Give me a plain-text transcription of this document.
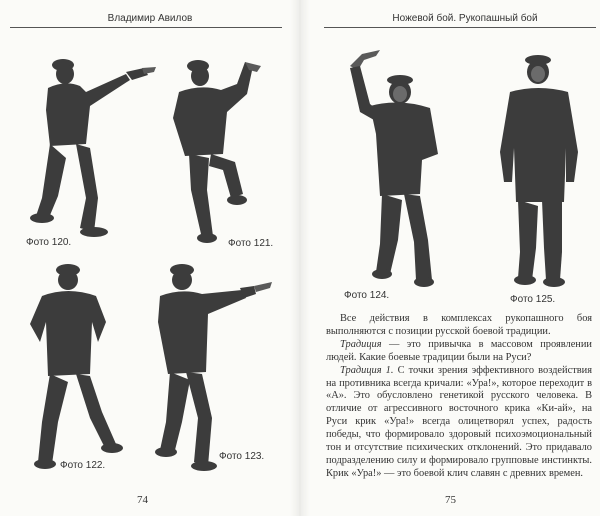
Владимир Авилов
Фото 120.	Фото 121.
Фото 122.
Фото 123.
74
Ножевой бой. Рукопашный бой
Фото 124.	Фото 125.

Все действия в комплексах рукопашного боя выполняются с позиции русской боевой традиции.

Традиция — это привычка в массовом проявлении людей. Какие боевые традиции были на Руси?

Традиция 1. С точки зрения эффективного воздействия на противника всегда кричали: «Ура!», которое переходит в «А». Это обусловлено генетикой русского человека. В отличие от агрессивного восточного крика «Ки-ай», на Руси крик «Ура!» всегда олицетворял успех, радость победы, что формировало здоровый психоэмоциональный тон и отсутствие психических отклонений. Это придавало подразделению силу и формировало групповые инстинкты. Крик «Ура!» — это боевой клич славян с древних времен.

75
